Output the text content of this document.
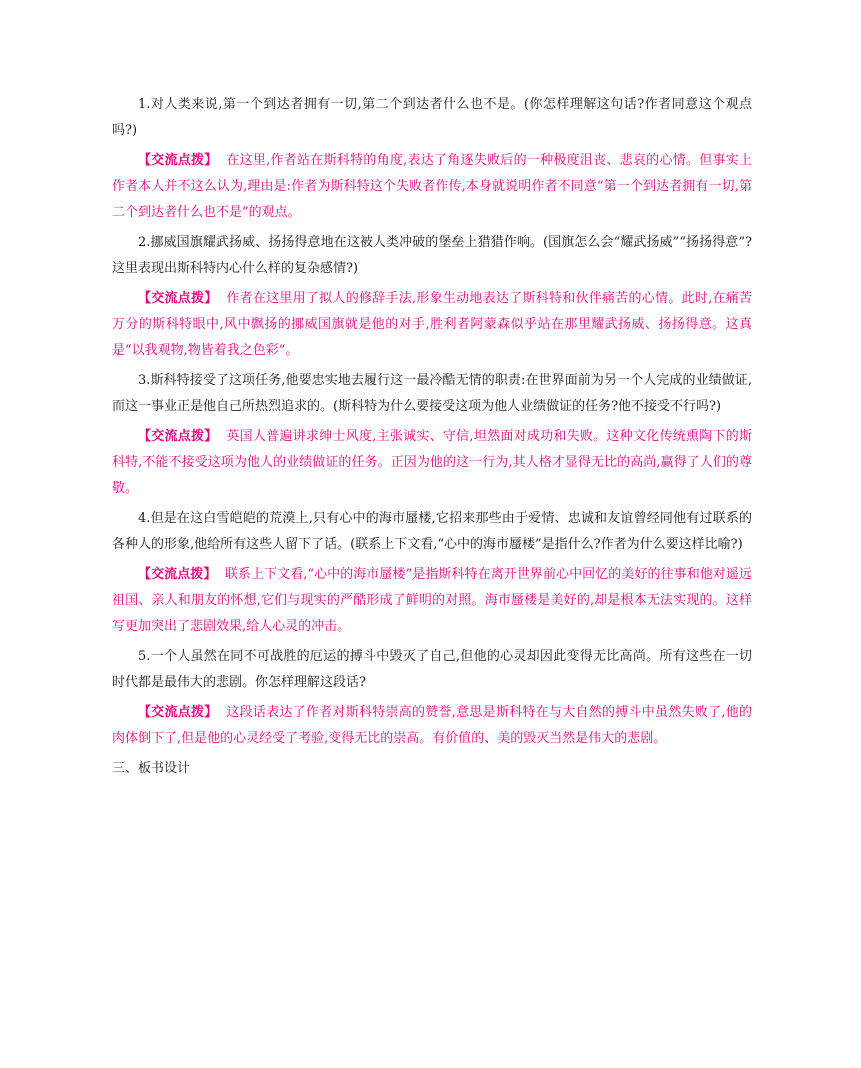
1.对人类来说,第一个到达者拥有一切,第二个到达者什么也不是。(你怎样理解这句话?作者同意这个观点吗?)

【交流点拨】 在这里,作者站在斯科特的角度,表达了角逐失败后的一种极度沮丧、悲哀的心情。但事实上作者本人并不这么认为,理由是:作者为斯科特这个失败者作传,本身就说明作者不同意“第一个到达者拥有一切,第二个到达者什么也不是”的观点。

2.挪威国旗耀武扬威、扬扬得意地在这被人类冲破的堡垒上猎猎作响。(国旗怎么会“耀武扬威”“扬扬得意”?这里表现出斯科特内心什么样的复杂感情?)

【交流点拨】 作者在这里用了拟人的修辞手法,形象生动地表达了斯科特和伙伴痛苦的心情。此时,在痛苦万分的斯科特眼中,风中飘扬的挪威国旗就是他的对手,胜利者阿蒙森似乎站在那里耀武扬威、扬扬得意。这真是“以我观物,物皆着我之色彩”。

3.斯科特接受了这项任务,他要忠实地去履行这一最冷酷无情的职责:在世界面前为另一个人完成的业绩做证,而这一事业正是他自己所热烈追求的。(斯科特为什么要接受这项为他人业绩做证的任务?他不接受不行吗?)

【交流点拨】 英国人普遍讲求绅士风度,主张诚实、守信,坦然面对成功和失败。这种文化传统熏陶下的斯科特,不能不接受这项为他人的业绩做证的任务。正因为他的这一行为,其人格才显得无比的高尚,赢得了人们的尊敬。

4.但是在这白雪皑皑的荒漠上,只有心中的海市蜃楼,它招来那些由于爱情、忠诚和友谊曾经同他有过联系的各种人的形象,他给所有这些人留下了话。(联系上下文看,“心中的海市蜃楼”是指什么?作者为什么要这样比喻?)

【交流点拨】 联系上下文看,“心中的海市蜃楼”是指斯科特在离开世界前心中回忆的美好的往事和他对遥远祖国、亲人和朋友的怀想,它们与现实的严酷形成了鲜明的对照。海市蜃楼是美好的,却是根本无法实现的。这样写更加突出了悲剧效果,给人心灵的冲击。

5.一个人虽然在同不可战胜的厄运的搏斗中毁灭了自己,但他的心灵却因此变得无比高尚。所有这些在一切时代都是最伟大的悲剧。你怎样理解这段话?

【交流点拨】 这段话表达了作者对斯科特崇高的赞誉,意思是斯科特在与大自然的搏斗中虽然失败了,他的肉体倒下了,但是他的心灵经受了考验,变得无比的崇高。有价值的、美的毁灭当然是伟大的悲剧。

三、板书设计
